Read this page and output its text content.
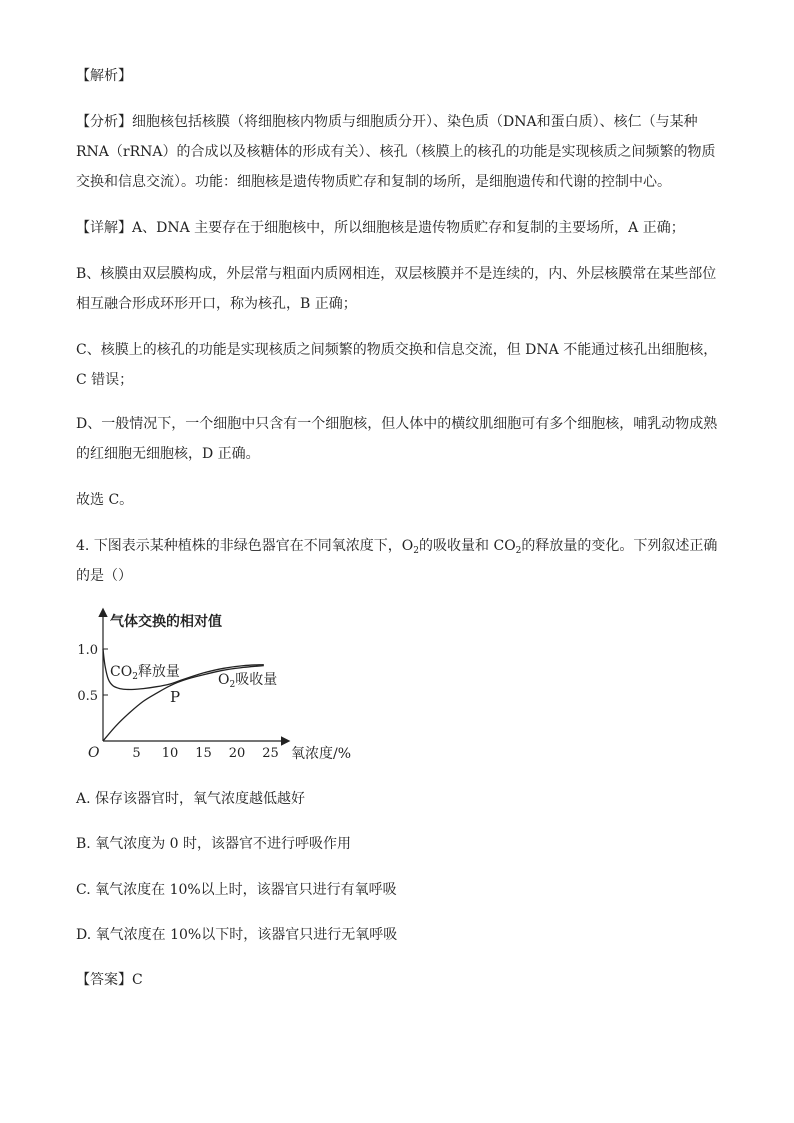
【解析】

【分析】细胞核包括核膜（将细胞核内物质与细胞质分开）、染色质（DNA和蛋白质）、核仁（与某种RNA（rRNA）的合成以及核糖体的形成有关）、核孔（核膜上的核孔的功能是实现核质之间频繁的物质交换和信息交流）。功能：细胞核是遗传物质贮存和复制的场所，是细胞遗传和代谢的控制中心。

【详解】A、DNA 主要存在于细胞核中，所以细胞核是遗传物质贮存和复制的主要场所，A 正确；

B、核膜由双层膜构成，外层常与粗面内质网相连，双层核膜并不是连续的，内、外层核膜常在某些部位相互融合形成环形开口，称为核孔，B 正确；

C、核膜上的核孔的功能是实现核质之间频繁的物质交换和信息交流，但 DNA 不能通过核孔出细胞核，C 错误；

D、一般情况下，一个细胞中只含有一个细胞核，但人体中的横纹肌细胞可有多个细胞核，哺乳动物成熟的红细胞无细胞核，D 正确。

故选 C。

4. 下图表示某种植株的非绿色器官在不同氧浓度下，$O_2$的吸收量和 $CO_2$的释放量的变化。下列叙述正确的是（）

气体交换的相对值
氧浓度/%
O	5 10 15 20 25
0.5
1.0
$CO_2$释放量	$O_2$吸收量
P

A. 保存该器官时，氧气浓度越低越好

B. 氧气浓度为 0 时，该器官不进行呼吸作用

C. 氧气浓度在 10%以上时，该器官只进行有氧呼吸

D. 氧气浓度在 10%以下时，该器官只进行无氧呼吸

【答案】C
